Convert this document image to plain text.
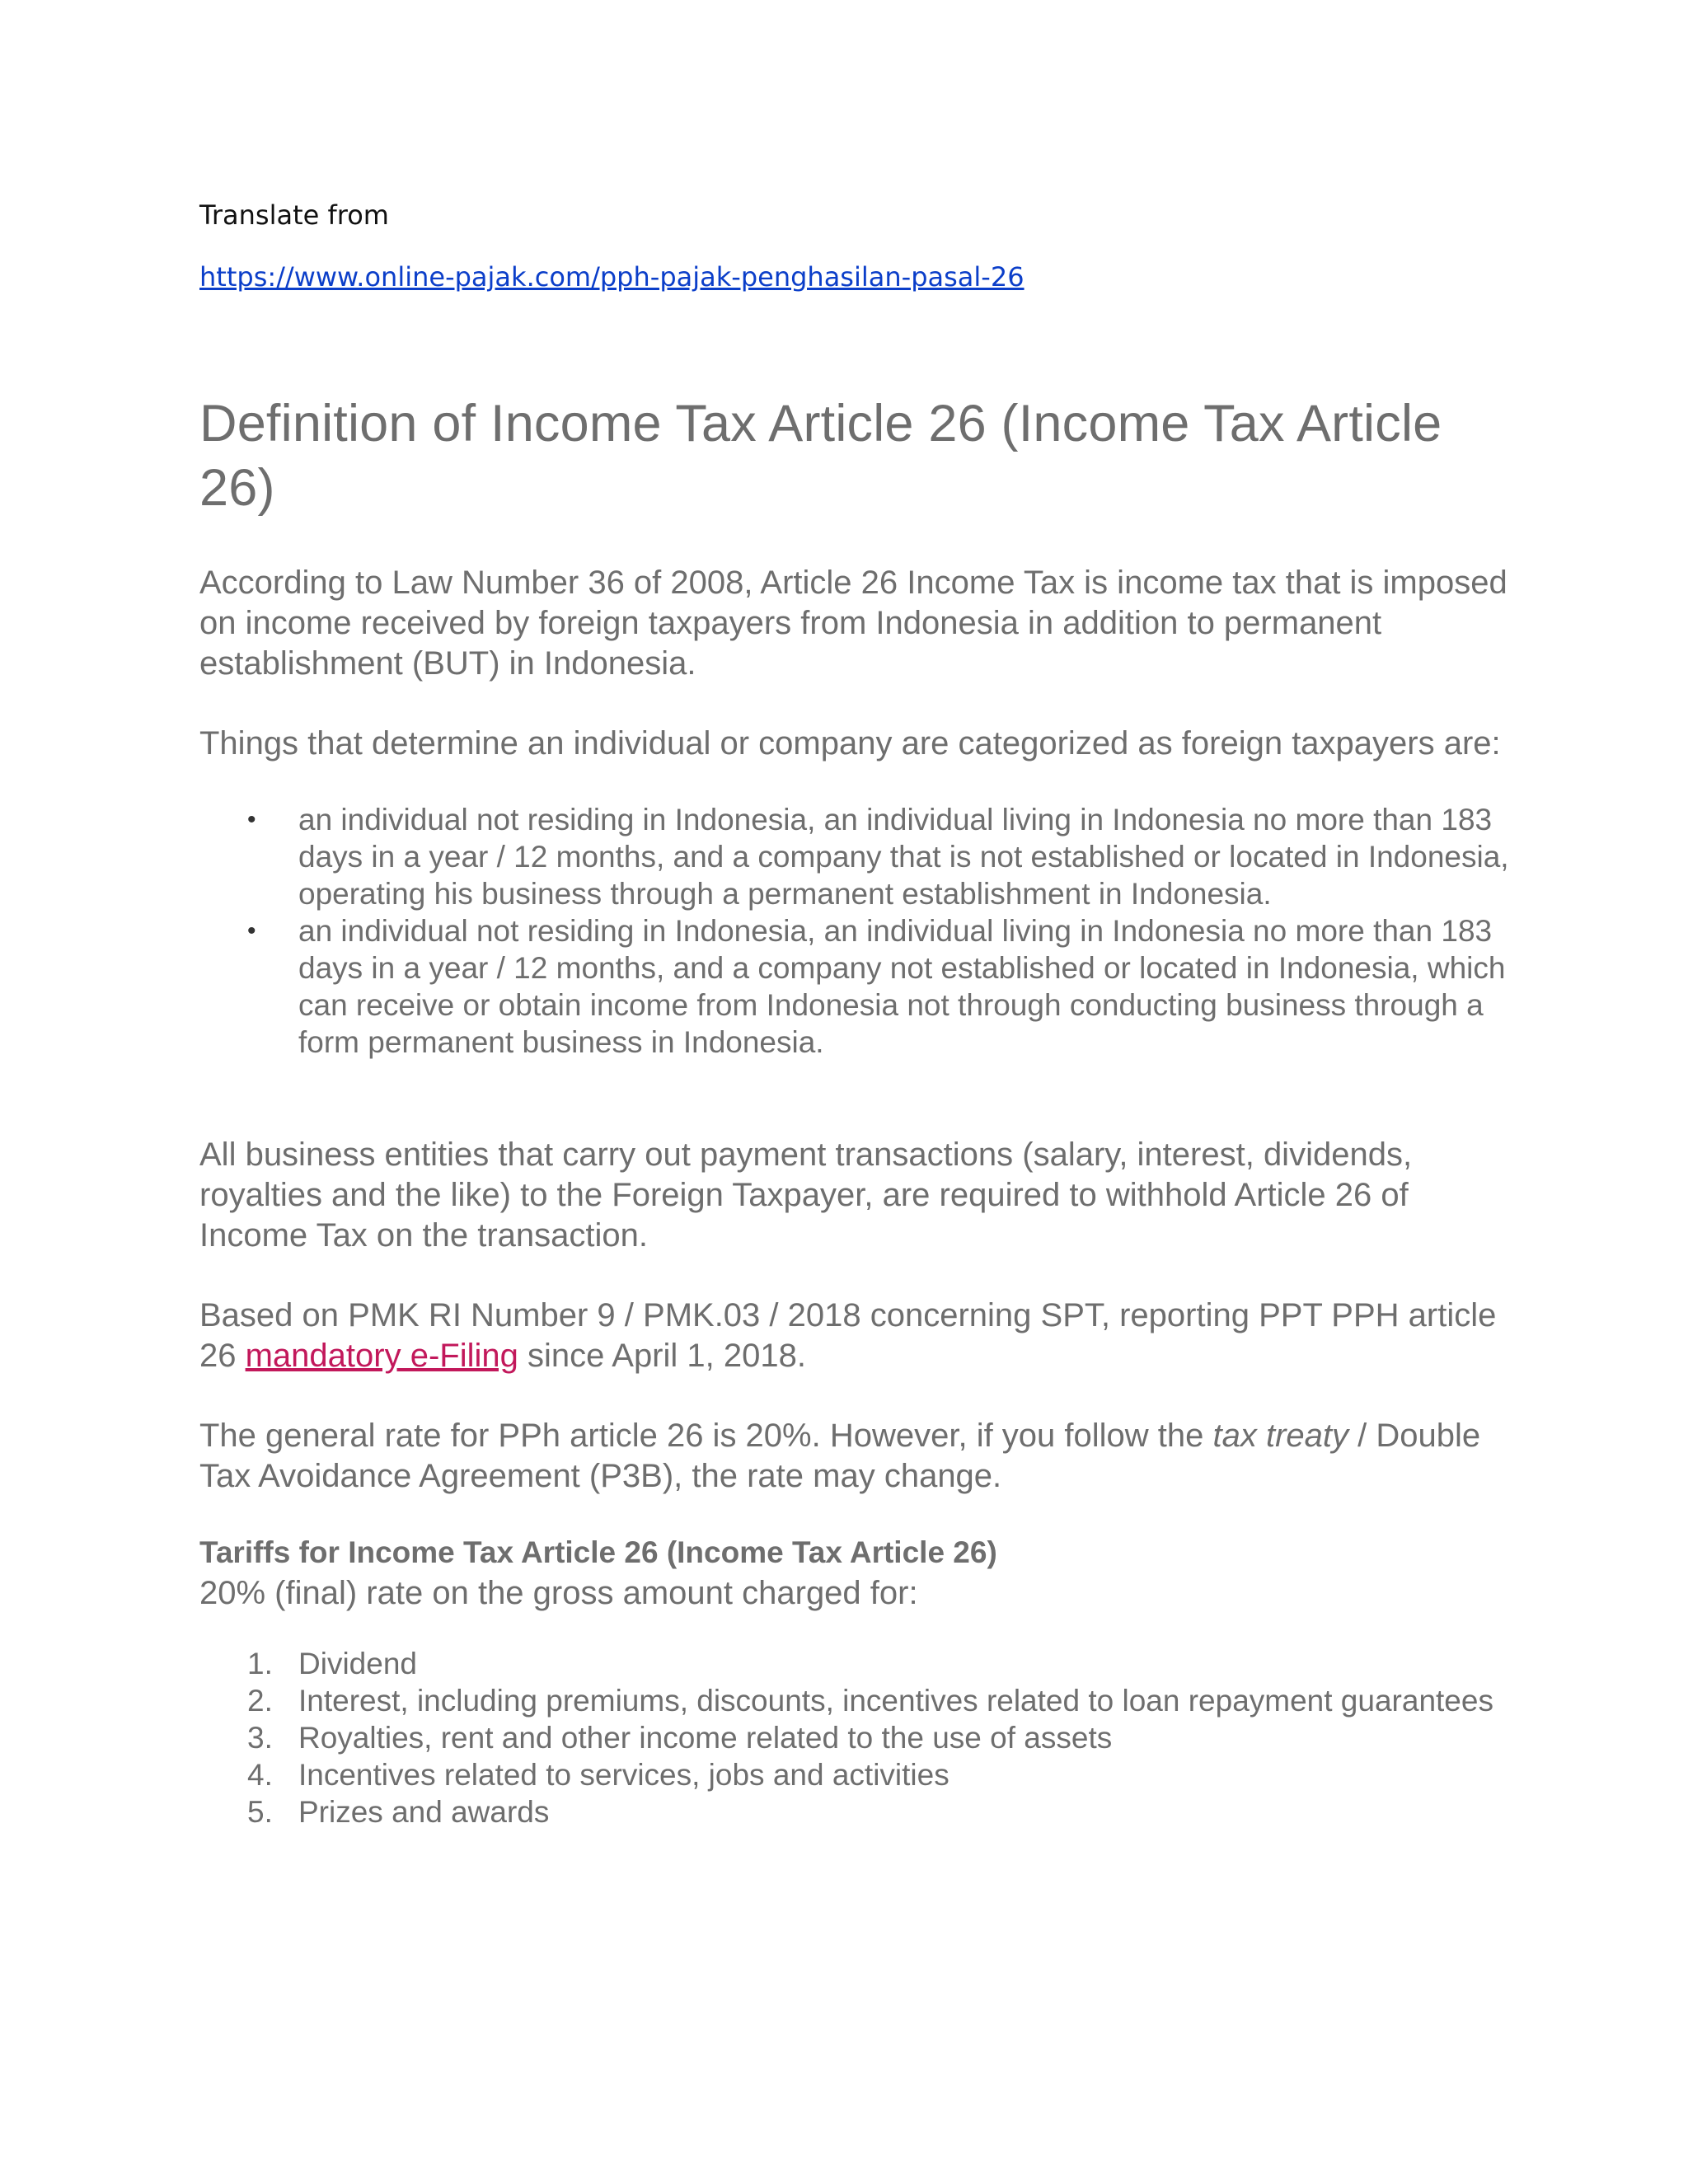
Translate from

https://www.online-pajak.com/pph-pajak-penghasilan-pasal-26
Definition of Income Tax Article 26 (Income Tax Article 26)

According to Law Number 36 of 2008, Article 26 Income Tax is income tax that is imposed on income received by foreign taxpayers from Indonesia in addition to permanent establishment (BUT) in Indonesia.

Things that determine an individual or company are categorized as foreign taxpayers are:

• an individual not residing in Indonesia, an individual living in Indonesia no more than 183 days in a year / 12 months, and a company that is not established or located in Indonesia, operating his business through a permanent establishment in Indonesia.
• an individual not residing in Indonesia, an individual living in Indonesia no more than 183 days in a year / 12 months, and a company not established or located in Indonesia, which can receive or obtain income from Indonesia not through conducting business through a form permanent business in Indonesia.

All business entities that carry out payment transactions (salary, interest, dividends, royalties and the like) to the Foreign Taxpayer, are required to withhold Article 26 of Income Tax on the transaction.

Based on PMK RI Number 9 / PMK.03 / 2018 concerning SPT, reporting PPT PPH article 26 mandatory e-Filing since April 1, 2018.

The general rate for PPh article 26 is 20%. However, if you follow the tax treaty / Double Tax Avoidance Agreement (P3B), the rate may change.

Tariffs for Income Tax Article 26 (Income Tax Article 26)

20% (final) rate on the gross amount charged for:

1. Dividend
2. Interest, including premiums, discounts, incentives related to loan repayment guarantees
3. Royalties, rent and other income related to the use of assets
4. Incentives related to services, jobs and activities
5. Prizes and awards
